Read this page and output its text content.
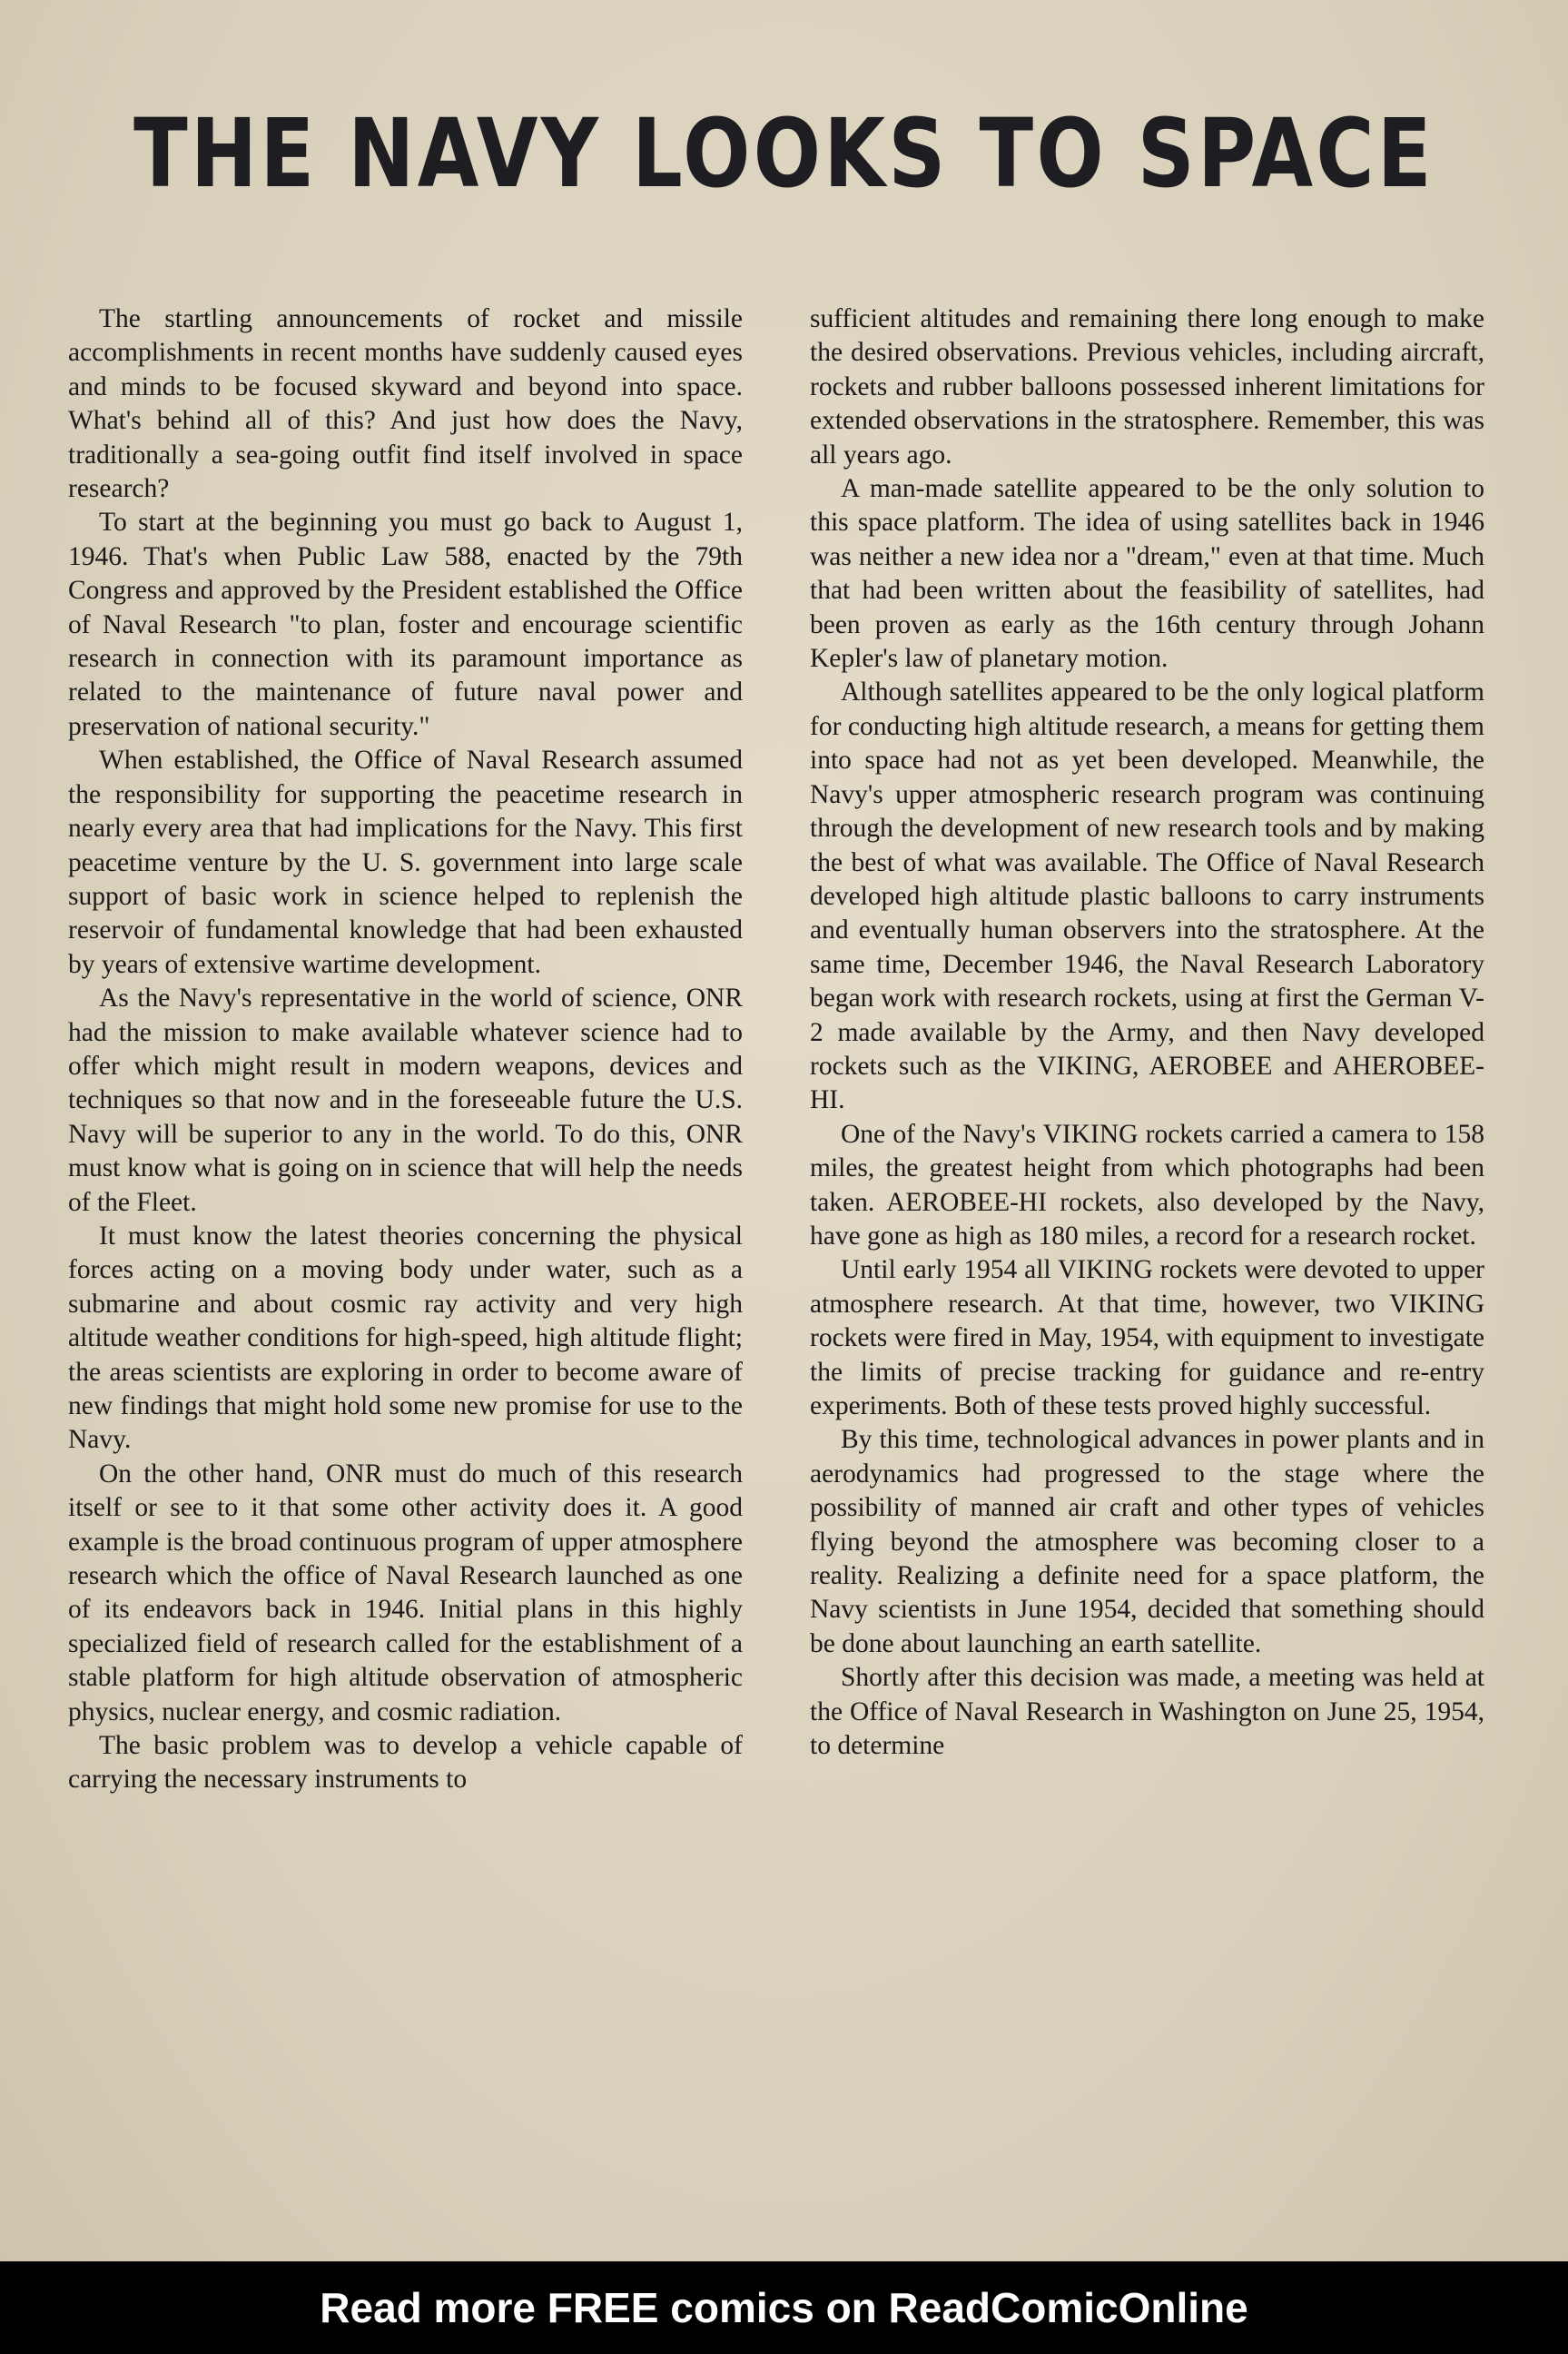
THE NAVY LOOKS TO SPACE

The startling announcements of rocket and missile accomplishments in recent months have suddenly caused eyes and minds to be focused skyward and beyond into space. What's behind all of this? And just how does the Navy, traditionally a sea-going outfit find itself involved in space research?

To start at the beginning you must go back to August 1, 1946. That's when Public Law 588, enacted by the 79th Congress and approved by the President established the Office of Naval Research "to plan, foster and encourage scientific research in connection with its paramount importance as related to the maintenance of future naval power and preservation of national security."

When established, the Office of Naval Research assumed the responsibility for supporting the peacetime research in nearly every area that had implications for the Navy. This first peacetime venture by the U. S. government into large scale support of basic work in science helped to replenish the reservoir of fundamental knowledge that had been exhausted by years of extensive wartime development.

As the Navy's representative in the world of science, ONR had the mission to make available whatever science had to offer which might result in modern weapons, devices and techniques so that now and in the foreseeable future the U.S. Navy will be superior to any in the world. To do this, ONR must know what is going on in science that will help the needs of the Fleet.

It must know the latest theories concerning the physical forces acting on a moving body under water, such as a submarine and about cosmic ray activity and very high altitude weather conditions for high-speed, high altitude flight; the areas scientists are exploring in order to become aware of new findings that might hold some new promise for use to the Navy.

On the other hand, ONR must do much of this research itself or see to it that some other activity does it. A good example is the broad continuous program of upper atmosphere research which the office of Naval Research launched as one of its endeavors back in 1946. Initial plans in this highly specialized field of research called for the establishment of a stable platform for high altitude observation of atmospheric physics, nuclear energy, and cosmic radiation.

The basic problem was to develop a vehicle capable of carrying the necessary instruments to

sufficient altitudes and remaining there long enough to make the desired observations. Previous vehicles, including aircraft, rockets and rubber balloons possessed inherent limitations for extended observations in the stratosphere. Remember, this was all years ago.

A man-made satellite appeared to be the only solution to this space platform. The idea of using satellites back in 1946 was neither a new idea nor a "dream," even at that time. Much that had been written about the feasibility of satellites, had been proven as early as the 16th century through Johann Kepler's law of planetary motion.

Although satellites appeared to be the only logical platform for conducting high altitude research, a means for getting them into space had not as yet been developed. Meanwhile, the Navy's upper atmospheric research program was continuing through the development of new research tools and by making the best of what was available. The Office of Naval Research developed high altitude plastic balloons to carry instruments and eventually human observers into the stratosphere. At the same time, December 1946, the Naval Research Laboratory began work with research rockets, using at first the German V-2 made available by the Army, and then Navy developed rockets such as the VIKING, AEROBEE and AHEROBEE-HI.

One of the Navy's VIKING rockets carried a camera to 158 miles, the greatest height from which photographs had been taken. AEROBEE-HI rockets, also developed by the Navy, have gone as high as 180 miles, a record for a research rocket.

Until early 1954 all VIKING rockets were devoted to upper atmosphere research. At that time, however, two VIKING rockets were fired in May, 1954, with equipment to investigate the limits of precise tracking for guidance and re-entry experiments. Both of these tests proved highly successful.

By this time, technological advances in power plants and in aerodynamics had progressed to the stage where the possibility of manned air craft and other types of vehicles flying beyond the atmosphere was becoming closer to a reality. Realizing a definite need for a space platform, the Navy scientists in June 1954, decided that something should be done about launching an earth satellite.

Shortly after this decision was made, a meeting was held at the Office of Naval Research in Washington on June 25, 1954, to determine

Read more FREE comics on ReadComicOnline
